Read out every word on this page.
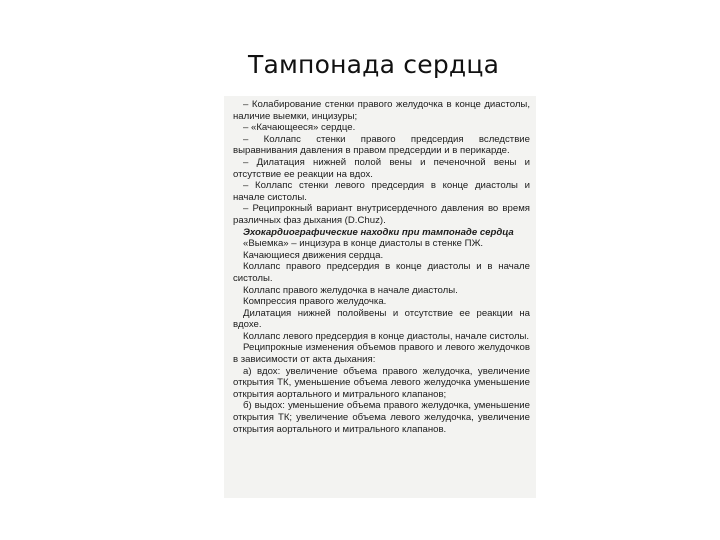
Тампонада сердца

– Колабирование стенки правого желудочка в конце диастолы, наличие выемки, инцизуры;

– «Качающееся» сердце.

– Коллапс стенки правого предсердия вследствие выравнивания давления в правом предсердии и в перикарде.

– Дилатация нижней полой вены и печеночной вены и отсутствие ее реакции на вдох.

– Коллапс стенки левого предсердия в конце диастолы и начале систолы.

– Реципрокный вариант внутрисердечного давления во время различных фаз дыхания (D.Chuz).

Эхокардиографические находки при тампонаде сердца

«Выемка» – инцизура в конце диастолы в стенке ПЖ.

Качающиеся движения сердца.

Коллапс правого предсердия в конце диастолы и в начале систолы.

Коллапс правого желудочка в начале диастолы.

Компрессия правого желудочка.

Дилатация нижней полойвены и отсутствие ее реакции на вдохе.

Коллапс левого предсердия в конце диастолы, начале систолы.

Реципрокные изменения объемов правого и левого желудочков в зависимости от акта дыхания:

а) вдох: увеличение объема правого желудочка, увеличение открытия ТК, уменьшение объема левого желудочка уменьшение открытия аортального и митрального клапанов;

б) выдох: уменьшение объема правого желудочка, уменьшение открытия ТК; увеличение объема левого желудочка, увеличение открытия аортального и митрального клапанов.
